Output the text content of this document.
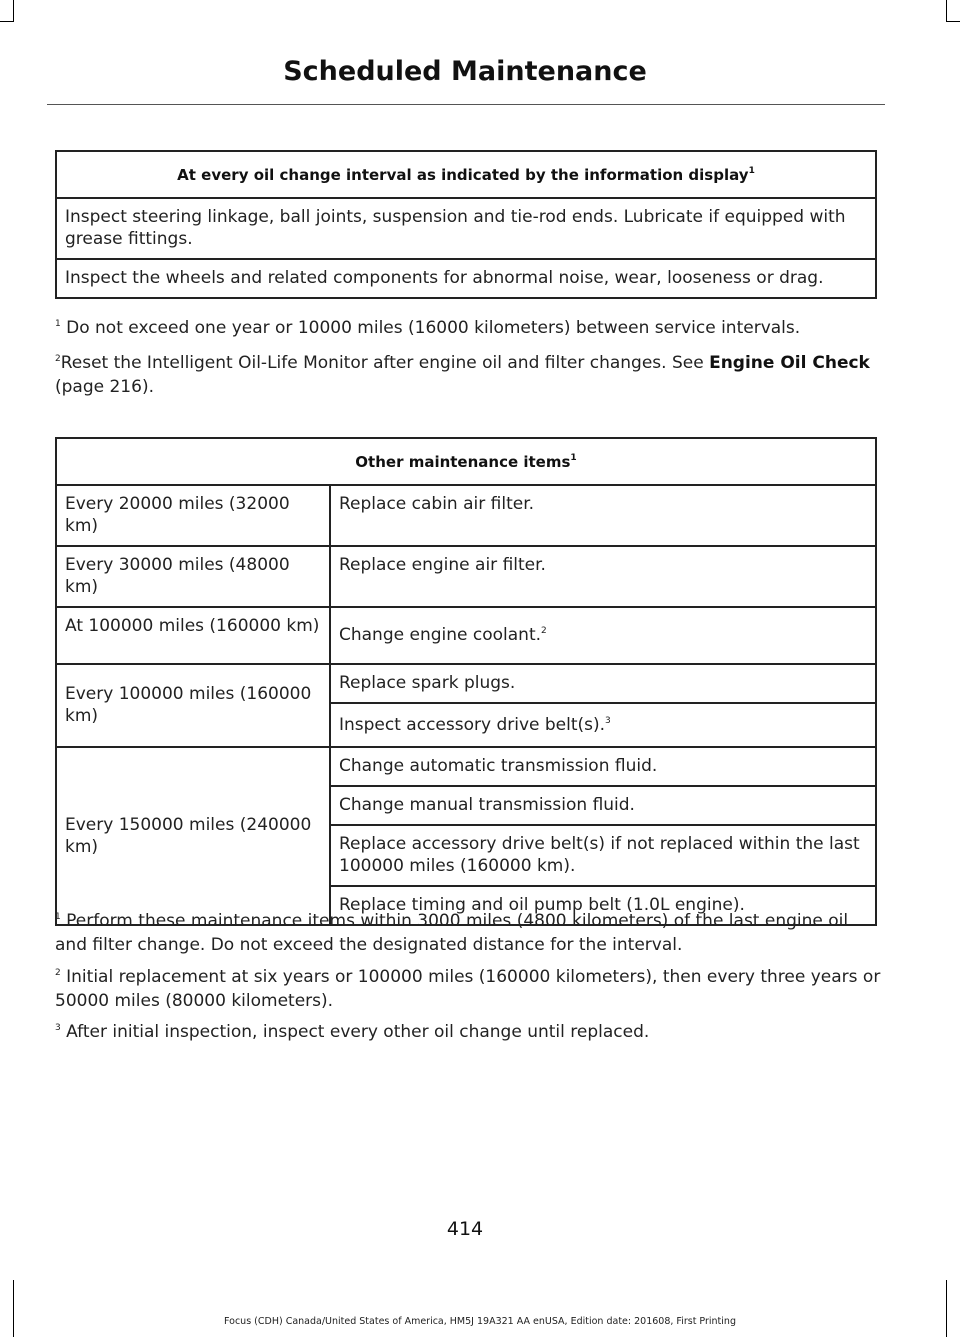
Scheduled Maintenance
At every oil change interval as indicated by the information display$^1$
Inspect steering linkage, ball joints, suspension and tie-rod ends. Lubricate if equipped with grease fittings.
Inspect the wheels and related components for abnormal noise, wear, looseness or drag.
$^1$ Do not exceed one year or 10000 miles (16000 kilometers) between service intervals.
$^2$Reset the Intelligent Oil-Life Monitor after engine oil and filter changes. See Engine Oil Check (page 216).
Other maintenance items$^1$
Every 20000 miles (32000 km)	Replace cabin air filter.
Every 30000 miles (48000 km)	Replace engine air filter.
At 100000 miles (160000 km)	Change engine coolant.$^2$
Every 100000 miles (160000 km)	Replace spark plugs.
	Inspect accessory drive belt(s).$^3$
Every 150000 miles (240000 km)	Change automatic transmission fluid.
	Change manual transmission fluid.
	Replace accessory drive belt(s) if not replaced within the last 100000 miles (160000 km).
	Replace timing and oil pump belt (1.0L engine).
$^1$ Perform these maintenance items within 3000 miles (4800 kilometers) of the last engine oil and filter change. Do not exceed the designated distance for the interval.
$^2$ Initial replacement at six years or 100000 miles (160000 kilometers), then every three years or 50000 miles (80000 kilometers).
$^3$ After initial inspection, inspect every other oil change until replaced.
414
Focus (CDH) Canada/United States of America, HM5J 19A321 AA enUSA, Edition date: 201608, First Printing
